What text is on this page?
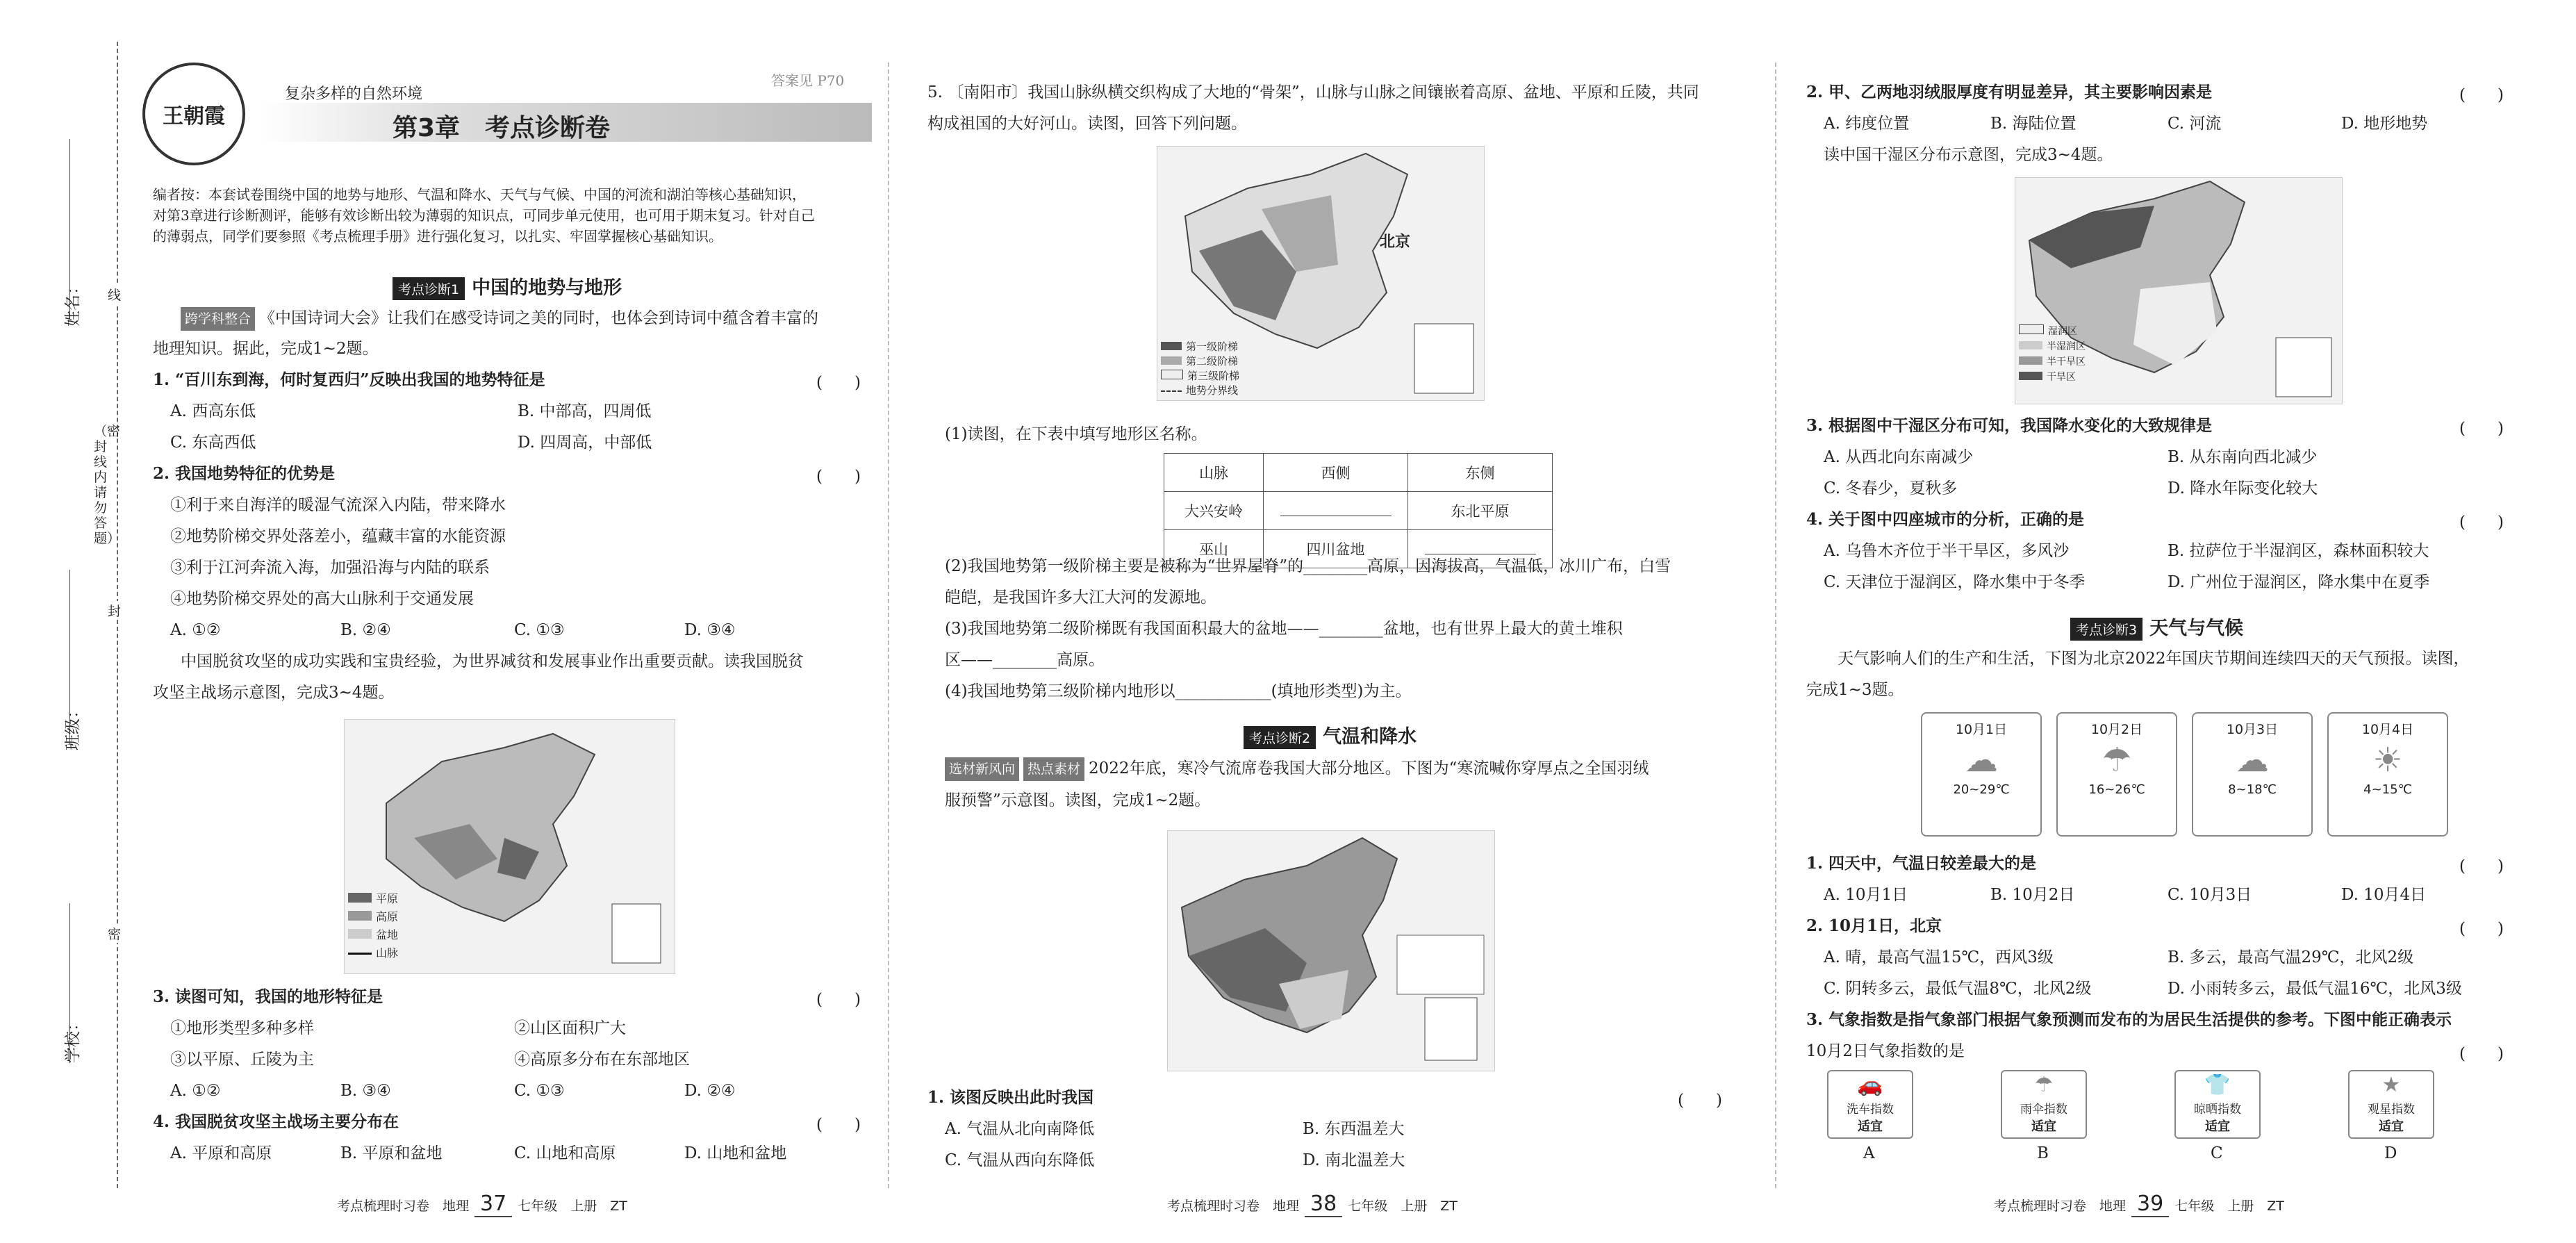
姓名：
班级：
学校：
（密封线内请勿答题）
线
封
密
王朝霞
复杂多样的自然环境
答案见 P70
第3章　考点诊断卷
编者按：本套试卷围绕中国的地势与地形、气温和降水、天气与气候、中国的河流和湖泊等核心基础知识，
对第3章进行诊断测评，能够有效诊断出较为薄弱的知识点，可同步单元使用，也可用于期末复习。针对自己
的薄弱点，同学们要参照《考点梳理手册》进行强化复习，以扎实、牢固掌握核心基础知识。
考点诊断1 中国的地势与地形
跨学科整合 《中国诗词大会》让我们在感受诗词之美的同时，也体会到诗词中蕴含着丰富的
地理知识。据此，完成1~2题。
1. “百川东到海，何时复西归”反映出我国的地势特征是	(　　)
A. 西高东低	B. 中部高，四周低
C. 东高西低	D. 四周高，中部低
2. 我国地势特征的优势是	(　　)
①利于来自海洋的暖湿气流深入内陆，带来降水
②地势阶梯交界处落差小，蕴藏丰富的水能资源
③利于江河奔流入海，加强沿海与内陆的联系
④地势阶梯交界处的高大山脉利于交通发展
A. ①②	B. ②④	C. ①③	D. ③④
中国脱贫攻坚的成功实践和宝贵经验，为世界减贫和发展事业作出重要贡献。读我国脱贫
攻坚主战场示意图，完成3~4题。
平原
高原
盆地
山脉
3. 读图可知，我国的地形特征是	(　　)
①地形类型多种多样	②山区面积广大
③以平原、丘陵为主	④高原多分布在东部地区
A. ①②	B. ③④	C. ①③	D. ②④
4. 我国脱贫攻坚主战场主要分布在	(　　)
A. 平原和高原	B. 平原和盆地	C. 山地和高原	D. 山地和盆地
考点梳理时习卷　地理 37 七年级　上册　ZT
5. 〔南阳市〕我国山脉纵横交织构成了大地的“骨架”，山脉与山脉之间镶嵌着高原、盆地、平原和丘陵，共同
构成祖国的大好河山。读图，回答下列问题。
北京
第一级阶梯
第二级阶梯
第三级阶梯
地势分界线
(1)读图，在下表中填写地形区名称。
山脉	西侧	东侧
大兴安岭		东北平原
巫山	四川盆地	
(2)我国地势第一级阶梯主要是被称为“世界屋脊”的________高原，因海拔高，气温低，冰川广布，白雪
皑皑，是我国许多大江大河的发源地。
(3)我国地势第二级阶梯既有我国面积最大的盆地——________盆地，也有世界上最大的黄土堆积
区——________高原。
(4)我国地势第三级阶梯内地形以____________(填地形类型)为主。
考点诊断2 气温和降水
选材新风向 热点素材 2022年底，寒冷气流席卷我国大部分地区。下图为“寒流喊你穿厚点之全国羽绒
服预警”示意图。读图，完成1~2题。
1. 该图反映出此时我国	(　　)
A. 气温从北向南降低	B. 东西温差大
C. 气温从西向东降低	D. 南北温差大
考点梳理时习卷　地理 38 七年级　上册　ZT
2. 甲、乙两地羽绒服厚度有明显差异，其主要影响因素是	(　　)
A. 纬度位置	B. 海陆位置	C. 河流	D. 地形地势
读中国干湿区分布示意图，完成3~4题。
湿润区
半湿润区
半干旱区
干旱区
3. 根据图中干湿区分布可知，我国降水变化的大致规律是	(　　)
A. 从西北向东南减少	B. 从东南向西北减少
C. 冬春少，夏秋多	D. 降水年际变化较大
4. 关于图中四座城市的分析，正确的是	(　　)
A. 乌鲁木齐位于半干旱区，多风沙	B. 拉萨位于半湿润区，森林面积较大
C. 天津位于湿润区，降水集中于冬季	D. 广州位于湿润区，降水集中在夏季
考点诊断3 天气与气候
天气影响人们的生产和生活，下图为北京2022年国庆节期间连续四天的天气预报。读图，
完成1~3题。
10月1日
☁
20~29℃
10月2日
☂
16~26℃
10月3日
☁
8~18℃
10月4日
☀
4~15℃
1. 四天中，气温日较差最大的是	(　　)
A. 10月1日	B. 10月2日	C. 10月3日	D. 10月4日
2. 10月1日，北京	(　　)
A. 晴，最高气温15℃，西风3级	B. 多云，最高气温29℃，北风2级
C. 阴转多云，最低气温8℃，北风2级	D. 小雨转多云，最低气温16℃，北风3级
3. 气象指数是指气象部门根据气象预测而发布的为居民生活提供的参考。下图中能正确表示
10月2日气象指数的是	(　　)
🚗
洗车指数
适宜
A
☂
雨伞指数
适宜
B
👕
晾晒指数
适宜
C
★
观星指数
适宜
D
考点梳理时习卷　地理 39 七年级　上册　ZT
